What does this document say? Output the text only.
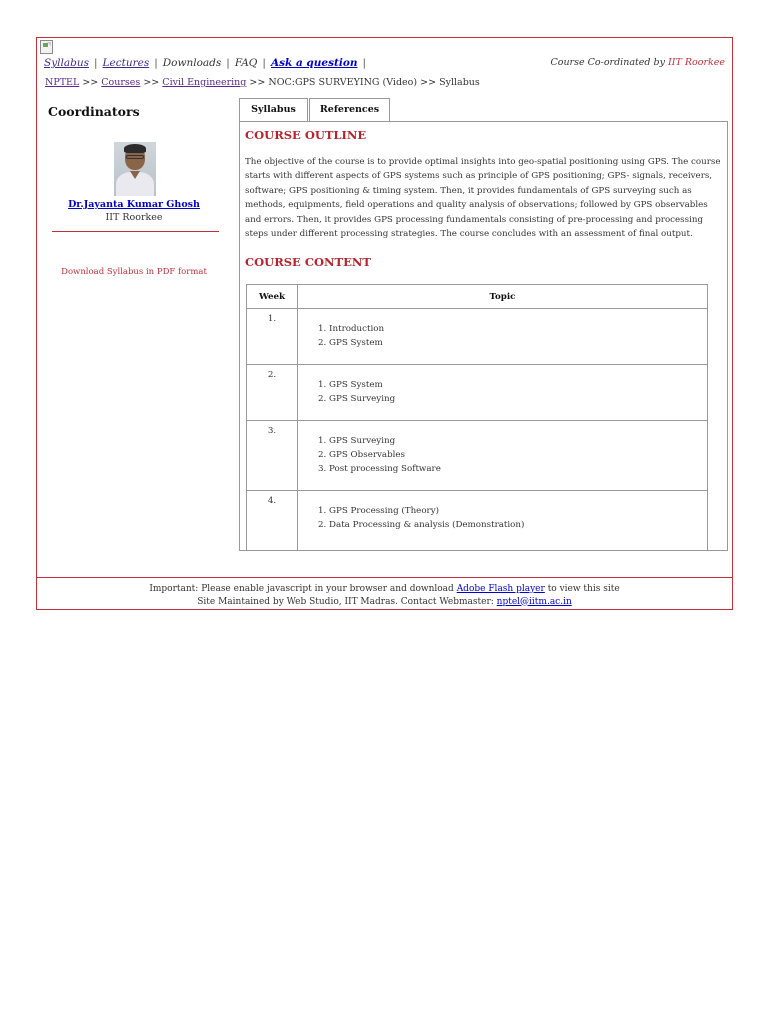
Syllabus | Lectures | Downloads | FAQ | Ask a question |	Course Co-ordinated by IIT Roorkee
NPTEL >> Courses >> Civil Engineering >> NOC:GPS SURVEYING (Video) >> Syllabus
Coordinators
Dr.Jayanta Kumar Ghosh
IIT Roorkee
Download Syllabus in PDF format
Syllabus	References
COURSE OUTLINE

The objective of the course is to provide optimal insights into geo-spatial positioning using GPS. The course starts with different aspects of GPS systems such as principle of GPS positioning; GPS- signals, receivers, software; GPS positioning & timing system. Then, it provides fundamentals of GPS surveying such as methods, equipments, field operations and quality analysis of observations; followed by GPS observables and errors. Then, it provides GPS processing fundamentals consisting of pre-processing and processing steps under different processing strategies. The course concludes with an assessment of final output.

COURSE CONTENT
Week	Topic
1.	1. Introduction
2. GPS System

2.	1. GPS System
2. GPS Surveying

3.	1. GPS Surveying
2. GPS Observables
3. Post processing Software

4.	1. GPS Processing (Theory)
2. Data Processing & analysis (Demonstration)
Important: Please enable javascript in your browser and download Adobe Flash player to view this site
Site Maintained by Web Studio, IIT Madras. Contact Webmaster: nptel@iitm.ac.in
